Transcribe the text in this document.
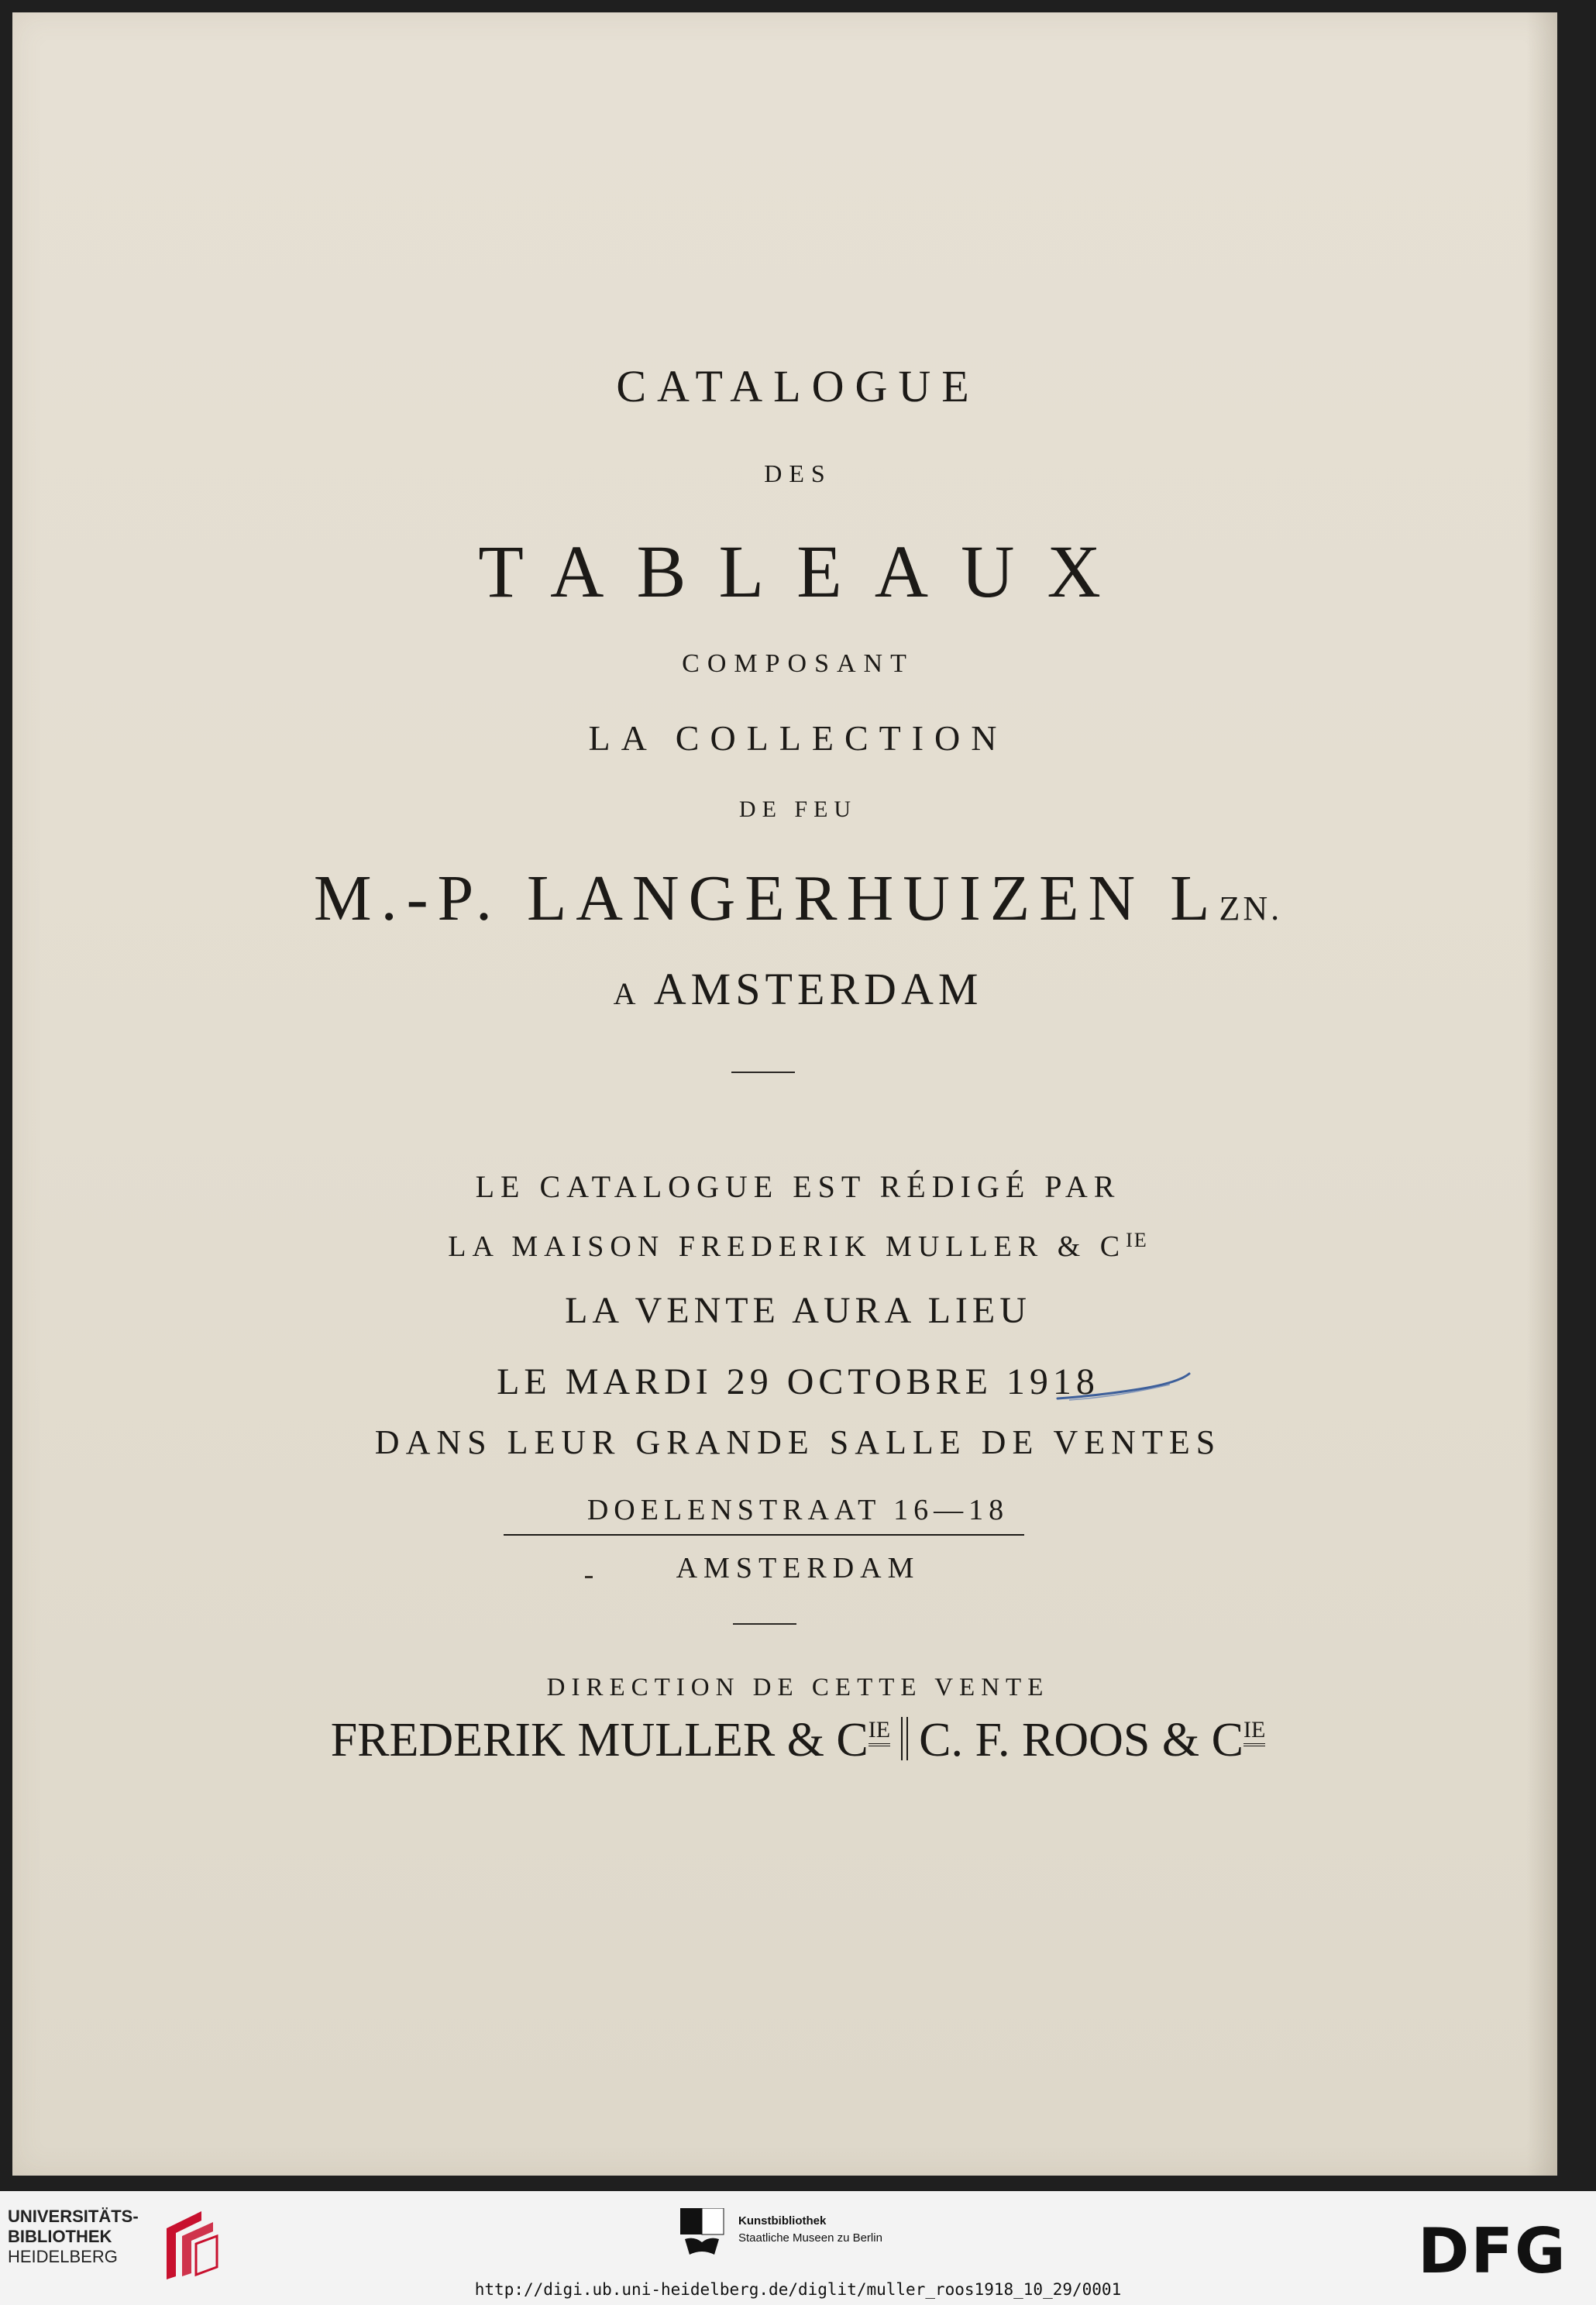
CATALOGUE
DES
TABLEAUX
COMPOSANT
LA COLLECTION
DE FEU
M.-P. LANGERHUIZEN LZN.
A AMSTERDAM
LE CATALOGUE EST RÉDIGÉ PAR
LA MAISON FREDERIK MULLER & $C^{IE}$
LA VENTE AURA LIEU
LE MARDI 29 OCTOBRE 1918
DANS LEUR GRANDE SALLE DE VENTES
DOELENSTRAAT 16—18
AMSTERDAM
DIRECTION DE CETTE VENTE
FREDERIK MULLER & CIE C. F. ROOS & CIE
UNIVERSITÄTS-
BIBLIOTHEK
HEIDELBERG
Kunstbibliothek
Staatliche Museen zu Berlin	DFG
http://digi.ub.uni-heidelberg.de/diglit/muller_roos1918_10_29/0001
